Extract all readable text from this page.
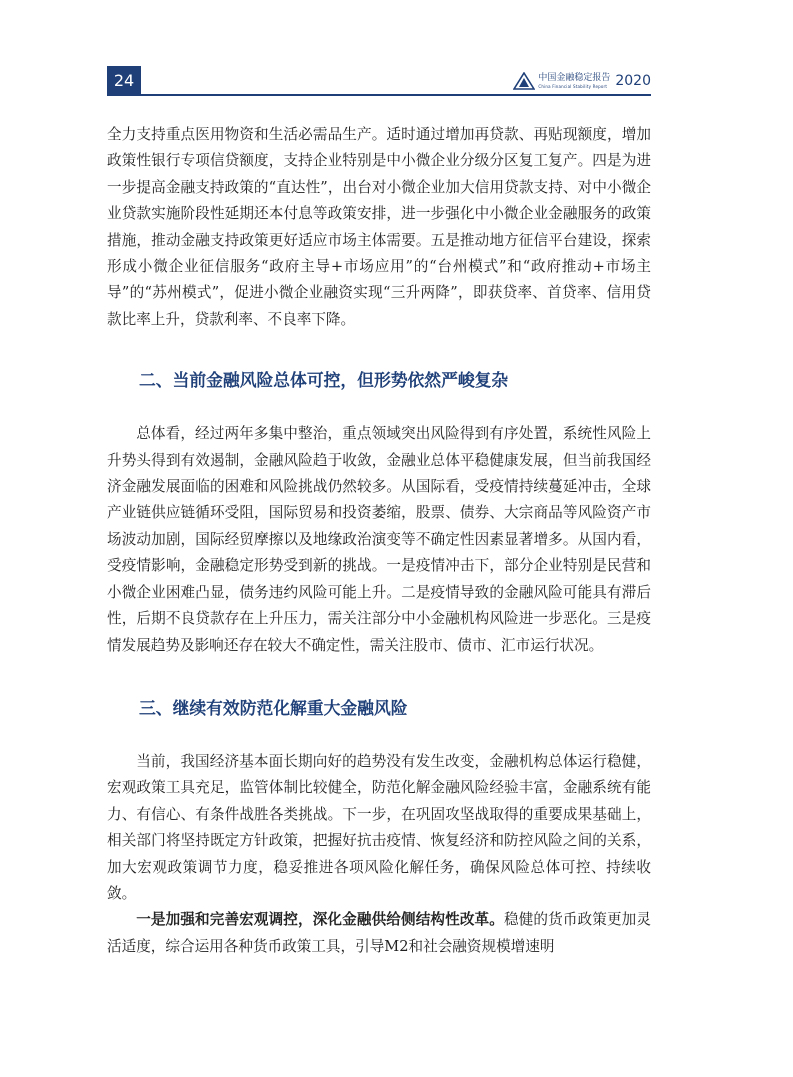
24	中国金融稳定报告
China Financial Stability Report 2020

全力支持重点医用物资和生活必需品生产。适时通过增加再贷款、再贴现额度，增加政策性银行专项信贷额度，支持企业特别是中小微企业分级分区复工复产。四是为进一步提高金融支持政策的“直达性”，出台对小微企业加大信用贷款支持、对中小微企业贷款实施阶段性延期还本付息等政策安排，进一步强化中小微企业金融服务的政策措施，推动金融支持政策更好适应市场主体需要。五是推动地方征信平台建设，探索形成小微企业征信服务“政府主导+市场应用”的“台州模式”和“政府推动+市场主导”的“苏州模式”，促进小微企业融资实现“三升两降”，即获贷率、首贷率、信用贷款比率上升，贷款利率、不良率下降。

二、当前金融风险总体可控，但形势依然严峻复杂

总体看，经过两年多集中整治，重点领域突出风险得到有序处置，系统性风险上升势头得到有效遏制，金融风险趋于收敛，金融业总体平稳健康发展，但当前我国经济金融发展面临的困难和风险挑战仍然较多。从国际看，受疫情持续蔓延冲击，全球产业链供应链循环受阻，国际贸易和投资萎缩，股票、债券、大宗商品等风险资产市场波动加剧，国际经贸摩擦以及地缘政治演变等不确定性因素显著增多。从国内看，受疫情影响，金融稳定形势受到新的挑战。一是疫情冲击下，部分企业特别是民营和小微企业困难凸显，债务违约风险可能上升。二是疫情导致的金融风险可能具有滞后性，后期不良贷款存在上升压力，需关注部分中小金融机构风险进一步恶化。三是疫情发展趋势及影响还存在较大不确定性，需关注股市、债市、汇市运行状况。

三、继续有效防范化解重大金融风险

当前，我国经济基本面长期向好的趋势没有发生改变，金融机构总体运行稳健，宏观政策工具充足，监管体制比较健全，防范化解金融风险经验丰富，金融系统有能力、有信心、有条件战胜各类挑战。下一步，在巩固攻坚战取得的重要成果基础上，相关部门将坚持既定方针政策，把握好抗击疫情、恢复经济和防控风险之间的关系，加大宏观政策调节力度，稳妥推进各项风险化解任务，确保风险总体可控、持续收敛。

一是加强和完善宏观调控，深化金融供给侧结构性改革。稳健的货币政策更加灵活适度，综合运用各种货币政策工具，引导M2和社会融资规模增速明
